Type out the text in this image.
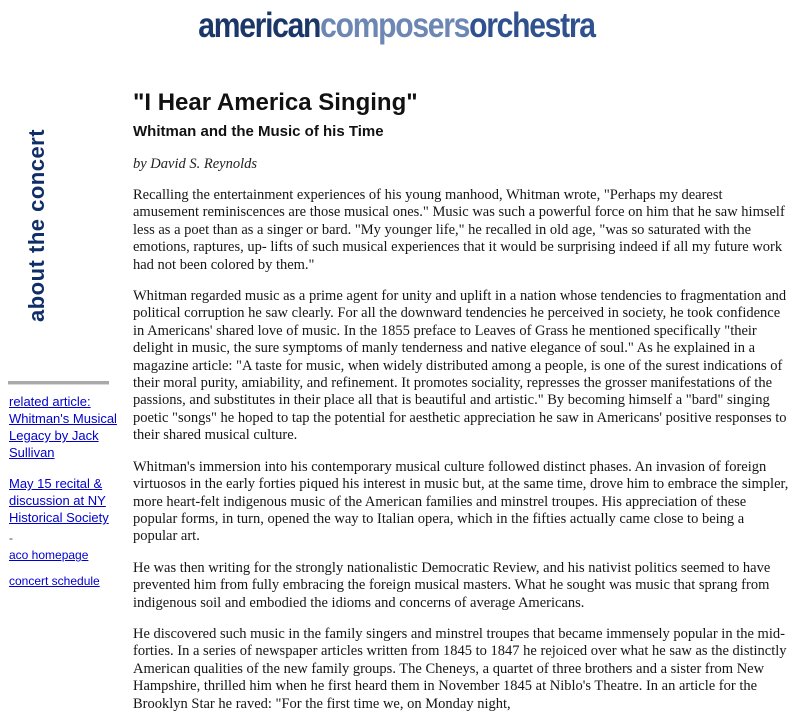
americancomposersorchestra
about the concert
related article: Whitman's Musical Legacy by Jack Sullivan
May 15 recital & discussion at NY Historical Society
-
aco homepage
concert schedule
"I Hear America Singing"
Whitman and the Music of his Time
by David S. Reynolds

Recalling the entertainment experiences of his young manhood, Whitman wrote, "Perhaps my dearest amusement reminiscences are those musical ones." Music was such a powerful force on him that he saw himself less as a poet than as a singer or bard. "My younger life," he recalled in old age, "was so saturated with the emotions, raptures, up- lifts of such musical experiences that it would be surprising indeed if all my future work had not been colored by them."

Whitman regarded music as a prime agent for unity and uplift in a nation whose tendencies to fragmentation and political corruption he saw clearly. For all the downward tendencies he perceived in society, he took confidence in Americans' shared love of music. In the 1855 preface to Leaves of Grass he mentioned specifically "their delight in music, the sure symptoms of manly tenderness and native elegance of soul." As he explained in a magazine article: "A taste for music, when widely distributed among a people, is one of the surest indications of their moral purity, amiability, and refinement. It promotes sociality, represses the grosser manifestations of the passions, and substitutes in their place all that is beautiful and artistic." By becoming himself a "bard" singing poetic "songs" he hoped to tap the potential for aesthetic appreciation he saw in Americans' positive responses to their shared musical culture.

Whitman's immersion into his contemporary musical culture followed distinct phases. An invasion of foreign virtuosos in the early forties piqued his interest in music but, at the same time, drove him to embrace the simpler, more heart-felt indigenous music of the American families and minstrel troupes. His appreciation of these popular forms, in turn, opened the way to Italian opera, which in the fifties actually came close to being a popular art.

He was then writing for the strongly nationalistic Democratic Review, and his nativist politics seemed to have prevented him from fully embracing the foreign musical masters. What he sought was music that sprang from indigenous soil and embodied the idioms and concerns of average Americans.

He discovered such music in the family singers and minstrel troupes that became immensely popular in the mid-forties. In a series of newspaper articles written from 1845 to 1847 he rejoiced over what he saw as the distinctly American qualities of the new family groups. The Cheneys, a quartet of three brothers and a sister from New Hampshire, thrilled him when he first heard them in November 1845 at Niblo's Theatre. In an article for the Brooklyn Star he raved: "For the first time we, on Monday night,
